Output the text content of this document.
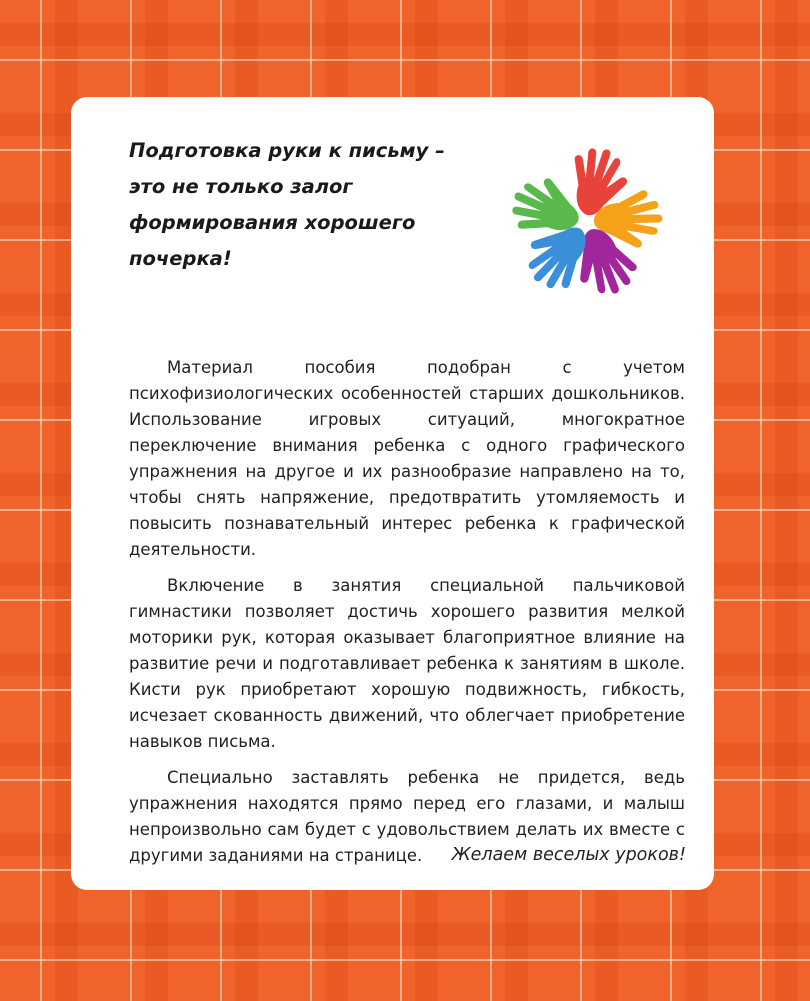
Подготовка руки к письму –
это не только залог
формирования хорошего
почерка!

Материал пособия подобран с учетом психофизиологических особенностей старших дошкольников. Использование игровых ситуаций, многократное переключение внимания ребенка с одного графического упражнения на другое и их разнообразие направлено на то, чтобы снять напряжение, предотвратить утомляемость и повысить познавательный интерес ребенка к графической деятельности.

Включение в занятия специальной пальчиковой гимнастики позволяет достичь хорошего развития мелкой моторики рук, которая оказывает благоприятное влияние на развитие речи и подготавливает ребенка к занятиям в школе. Кисти рук приобретают хорошую подвижность, гибкость, исчезает скованность движений, что облегчает приобретение навыков письма.

Специально заставлять ребенка не придется, ведь упражнения находятся прямо перед его глазами, и малыш непроизвольно сам будет с удовольствием делать их вместе с другими заданиями на странице.	Желаем веселых уроков!
